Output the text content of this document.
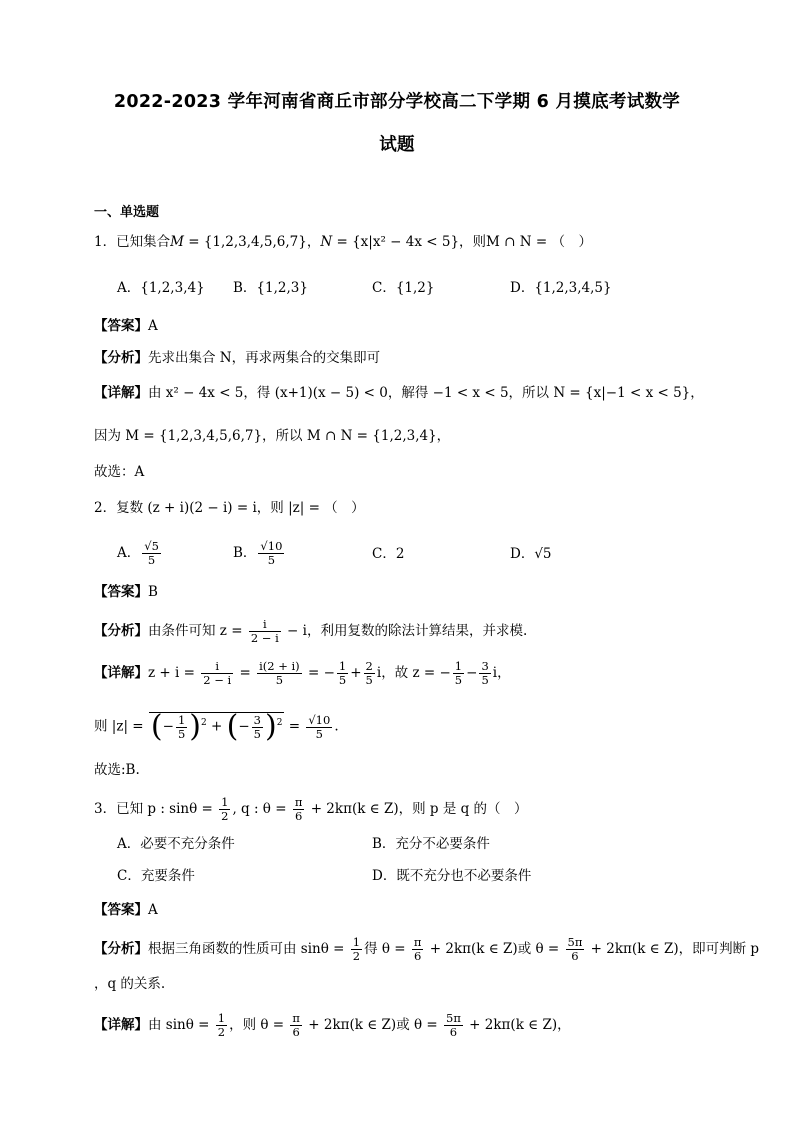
2022-2023 学年河南省商丘市部分学校高二下学期 6 月摸底考试数学
试题
一、单选题
1．已知集合M = {1,2,3,4,5,6,7}，N = {x|x² − 4x < 5}，则M ∩ N = （　）
A．{1,2,3,4} B．{1,2,3}	C．{1,2}	D．{1,2,3,4,5}
【答案】A
【分析】先求出集合 N，再求两集合的交集即可
【详解】由 x² − 4x < 5，得 (x+1)(x − 5) < 0，解得 −1 < x < 5，所以 N = {x|−1 < x < 5}，
因为 M = {1,2,3,4,5,6,7}，所以 M ∩ N = {1,2,3,4}，
故选：A
2．复数 (z + i)(2 − i) = i，则 |z| = （　）
A． $\frac{√5}{5}$	B． $\frac{√10}{5}$	C．2	D．√5
【答案】B
【分析】由条件可知 $z = \frac{i}{2 - i} - i$，利用复数的除法计算结果，并求模.
【详解】$z + i = \frac{i}{2 - i} = \frac{i(2 + i)}{5}$ = − $\frac{1}{5} + \frac{2}{5}$ i，故 z = − $\frac{1}{5} - \frac{3}{5}$ i，
则 |z| = (− $\frac{1}{5} )^2$ + (− $\frac{3}{5} )^2 = \frac{√10}{5}$ .
故选:B.
3．已知 p : $\sin\theta = \frac{1}{2}$ , q : $\theta = \frac{\pi}{6} + 2k\pi(k$ ∈ Z)，则 p 是 q 的（　）
A．必要不充分条件	B．充分不必要条件
C．充要条件	D．既不充分也不必要条件
【答案】A
【分析】根据三角函数的性质可由 $\sin\theta = \frac{1}{2}$ 得 $\theta = \frac{\pi}{6} + 2k\pi(k$ ∈ Z)或 $\theta = \frac{5\pi}{6} + 2k\pi(k$ ∈ Z)，即可判断 p
，q 的关系.
【详解】由 $\sin\theta = \frac{1}{2}$ ，则 $\theta = \frac{\pi}{6} + 2k\pi(k$ ∈ Z)或 $\theta = \frac{5\pi}{6} + 2k\pi(k$ ∈ Z)，
